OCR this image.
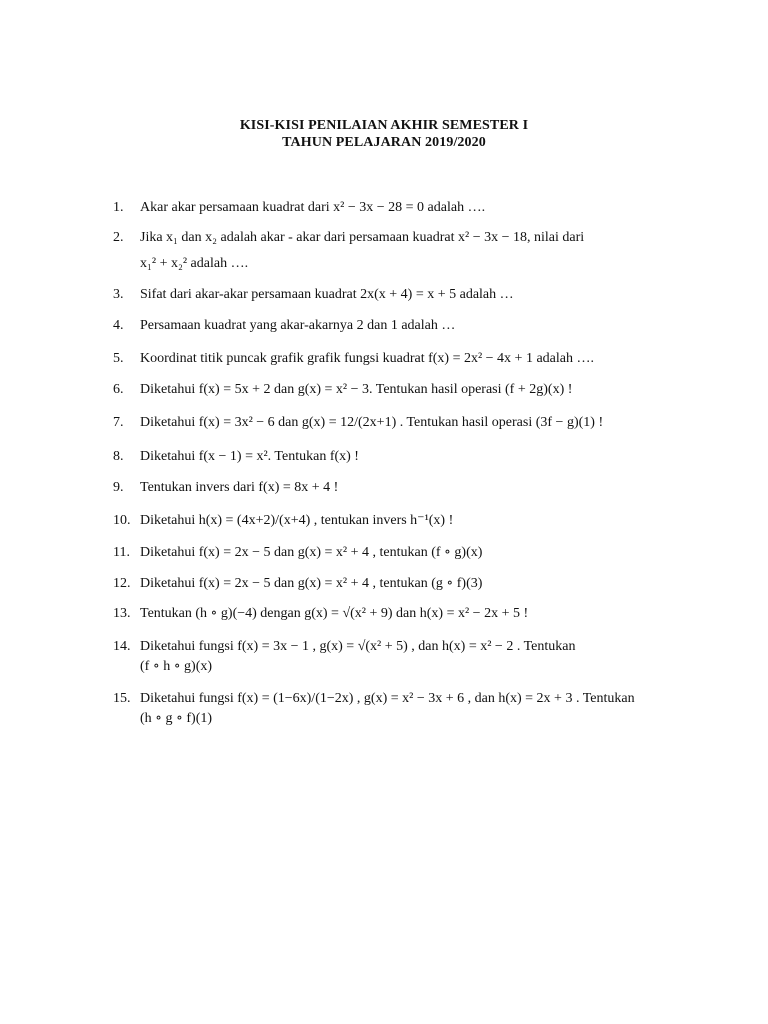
KISI-KISI PENILAIAN AKHIR SEMESTER I
TAHUN PELAJARAN 2019/2020
1. Akar akar persamaan kuadrat dari x² − 3x − 28 = 0 adalah ….
2. Jika x₁ dan x₂ adalah akar - akar dari persamaan kuadrat x² − 3x − 18, nilai dari
x₁² + x₂² adalah ….
3. Sifat dari akar-akar persamaan kuadrat 2x(x + 4) = x + 5 adalah …
4. Persamaan kuadrat yang akar-akarnya 2 dan 1 adalah …
5. Koordinat titik puncak grafik grafik fungsi kuadrat f(x) = 2x² − 4x + 1 adalah ….
6. Diketahui f(x) = 5x + 2 dan g(x) = x² − 3. Tentukan hasil operasi (f + 2g)(x) !
7. Diketahui f(x) = 3x² − 6 dan g(x) = 12/(2x+1) . Tentukan hasil operasi (3f − g)(1) !
8. Diketahui f(x − 1) = x². Tentukan f(x) !
9. Tentukan invers dari f(x) = 8x + 4 !
10. Diketahui h(x) = (4x+2)/(x+4) , tentukan invers h⁻¹(x) !
11. Diketahui f(x) = 2x − 5 dan g(x) = x² + 4 , tentukan (f ∘ g)(x)
12. Diketahui f(x) = 2x − 5 dan g(x) = x² + 4 , tentukan (g ∘ f)(3)
13. Tentukan (h ∘ g)(−4) dengan g(x) = √(x² + 9) dan h(x) = x² − 2x + 5 !
14. Diketahui fungsi f(x) = 3x − 1 , g(x) = √(x² + 5) , dan h(x) = x² − 2 . Tentukan
(f ∘ h ∘ g)(x)
15. Diketahui fungsi f(x) = (1−6x)/(1−2x) , g(x) = x² − 3x + 6 , dan h(x) = 2x + 3 . Tentukan
(h ∘ g ∘ f)(1)
